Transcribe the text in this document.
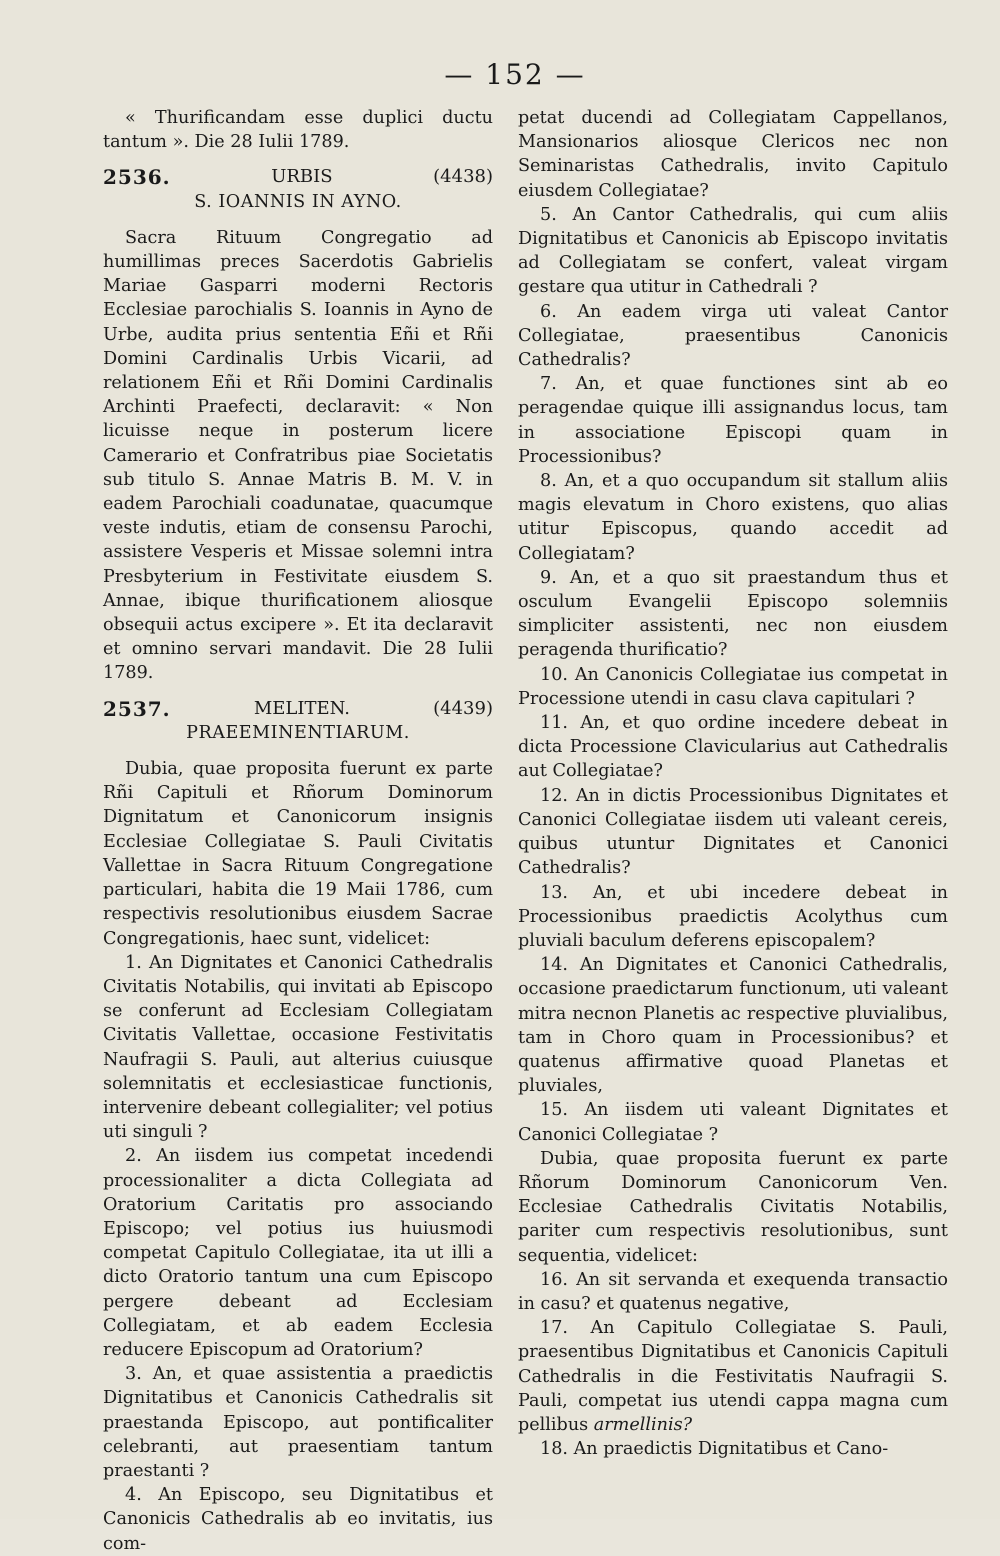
— 152 —

« Thurificandam esse duplici ductu tantum ». Die 28 Iulii 1789.

2536.	URBIS	(4438)
S. IOANNIS IN AYNO.

Sacra Rituum Congregatio ad humillimas preces Sacerdotis Gabrielis Mariae Gasparri moderni Rectoris Ecclesiae parochialis S. Ioannis in Ayno de Urbe, audita prius sententia Eñi et Rñi Domini Cardinalis Urbis Vicarii, ad relationem Eñi et Rñi Domini Cardinalis Archinti Praefecti, declaravit: « Non licuisse neque in posterum licere Camerario et Confratribus piae Societatis sub titulo S. Annae Matris B. M. V. in eadem Parochiali coadunatae, quacumque veste indutis, etiam de consensu Parochi, assistere Vesperis et Missae solemni intra Presbyterium in Festivitate eiusdem S. Annae, ibique thurificationem aliosque obsequii actus excipere ». Et ita declaravit et omnino servari mandavit. Die 28 Iulii 1789.

2537.	MELITEN.	(4439)
PRAEEMINENTIARUM.

Dubia, quae proposita fuerunt ex parte Rñi Capituli et Rñorum Dominorum Dignitatum et Canonicorum insignis Ecclesiae Collegiatae S. Pauli Civitatis Vallettae in Sacra Rituum Congregatione particulari, habita die 19 Maii 1786, cum respectivis resolutionibus eiusdem Sacrae Congregationis, haec sunt, videlicet:

1. An Dignitates et Canonici Cathedralis Civitatis Notabilis, qui invitati ab Episcopo se conferunt ad Ecclesiam Collegiatam Civitatis Vallettae, occasione Festivitatis Naufragii S. Pauli, aut alterius cuiusque solemnitatis et ecclesiasticae functionis, intervenire debeant collegialiter; vel potius uti singuli ?

2. An iisdem ius competat incedendi processionaliter a dicta Collegiata ad Oratorium Caritatis pro associando Episcopo; vel potius ius huiusmodi competat Capitulo Collegiatae, ita ut illi a dicto Oratorio tantum una cum Episcopo pergere debeant ad Ecclesiam Collegiatam, et ab eadem Ecclesia reducere Episcopum ad Oratorium?

3. An, et quae assistentia a praedictis Dignitatibus et Canonicis Cathedralis sit praestanda Episcopo, aut pontificaliter celebranti, aut praesentiam tantum praestanti ?

4. An Episcopo, seu Dignitatibus et Canonicis Cathedralis ab eo invitatis, ius com-

petat ducendi ad Collegiatam Cappellanos, Mansionarios aliosque Clericos nec non Seminaristas Cathedralis, invito Capitulo eiusdem Collegiatae?

5. An Cantor Cathedralis, qui cum aliis Dignitatibus et Canonicis ab Episcopo invitatis ad Collegiatam se confert, valeat virgam gestare qua utitur in Cathedrali ?

6. An eadem virga uti valeat Cantor Collegiatae, praesentibus Canonicis Cathedralis?

7. An, et quae functiones sint ab eo peragendae quique illi assignandus locus, tam in associatione Episcopi quam in Processionibus?

8. An, et a quo occupandum sit stallum aliis magis elevatum in Choro existens, quo alias utitur Episcopus, quando accedit ad Collegiatam?

9. An, et a quo sit praestandum thus et osculum Evangelii Episcopo solemniis simpliciter assistenti, nec non eiusdem peragenda thurificatio?

10. An Canonicis Collegiatae ius competat in Processione utendi in casu clava capitulari ?

11. An, et quo ordine incedere debeat in dicta Processione Clavicularius aut Cathedralis aut Collegiatae?

12. An in dictis Processionibus Dignitates et Canonici Collegiatae iisdem uti valeant cereis, quibus utuntur Dignitates et Canonici Cathedralis?

13. An, et ubi incedere debeat in Processionibus praedictis Acolythus cum pluviali baculum deferens episcopalem?

14. An Dignitates et Canonici Cathedralis, occasione praedictarum functionum, uti valeant mitra necnon Planetis ac respective pluvialibus, tam in Choro quam in Processionibus? et quatenus affirmative quoad Planetas et pluviales,

15. An iisdem uti valeant Dignitates et Canonici Collegiatae ?

Dubia, quae proposita fuerunt ex parte Rñorum Dominorum Canonicorum Ven. Ecclesiae Cathedralis Civitatis Notabilis, pariter cum respectivis resolutionibus, sunt sequentia, videlicet:

16. An sit servanda et exequenda transactio in casu? et quatenus negative,

17. An Capitulo Collegiatae S. Pauli, praesentibus Dignitatibus et Canonicis Capituli Cathedralis in die Festivitatis Naufragii S. Pauli, competat ius utendi cappa magna cum pellibus armellinis?

18. An praedictis Dignitatibus et Cano-
